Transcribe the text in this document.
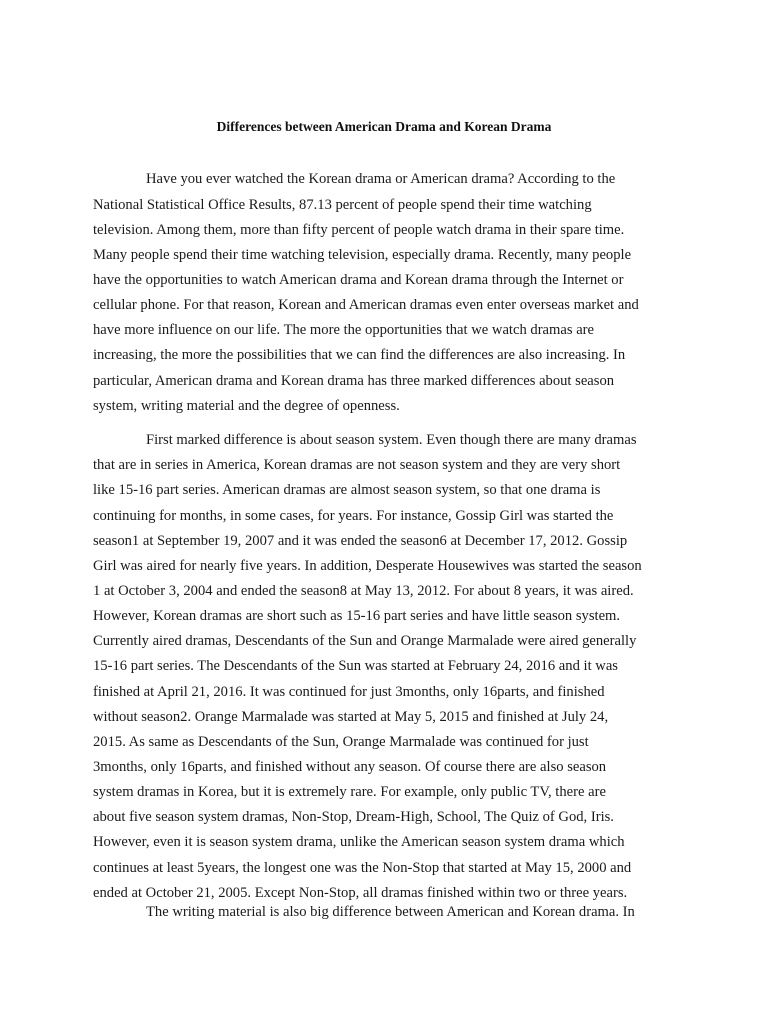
Differences between American Drama and Korean Drama

Have you ever watched the Korean drama or American drama? According to the

National Statistical Office Results, 87.13 percent of people spend their time watching

television. Among them, more than fifty percent of people watch drama in their spare time.

Many people spend their time watching television, especially drama. Recently, many people

have the opportunities to watch American drama and Korean drama through the Internet or

cellular phone. For that reason, Korean and American dramas even enter overseas market and

have more influence on our life. The more the opportunities that we watch dramas are

increasing, the more the possibilities that we can find the differences are also increasing. In

particular, American drama and Korean drama has three marked differences about season

system, writing material and the degree of openness.

First marked difference is about season system. Even though there are many dramas

that are in series in America, Korean dramas are not season system and they are very short

like 15-16 part series. American dramas are almost season system, so that one drama is

continuing for months, in some cases, for years. For instance, Gossip Girl was started the

season1 at September 19, 2007 and it was ended the season6 at December 17, 2012. Gossip

Girl was aired for nearly five years. In addition, Desperate Housewives was started the season

1 at October 3, 2004 and ended the season8 at May 13, 2012. For about 8 years, it was aired.

However, Korean dramas are short such as 15-16 part series and have little season system.

Currently aired dramas, Descendants of the Sun and Orange Marmalade were aired generally

15-16 part series. The Descendants of the Sun was started at February 24, 2016 and it was

finished at April 21, 2016. It was continued for just 3months, only 16parts, and finished

without season2. Orange Marmalade was started at May 5, 2015 and finished at July 24,

2015. As same as Descendants of the Sun, Orange Marmalade was continued for just

3months, only 16parts, and finished without any season. Of course there are also season

system dramas in Korea, but it is extremely rare. For example, only public TV, there are

about five season system dramas, Non-Stop, Dream-High, School, The Quiz of God, Iris.

However, even it is season system drama, unlike the American season system drama which

continues at least 5years, the longest one was the Non-Stop that started at May 15, 2000 and

ended at October 21, 2005. Except Non-Stop, all dramas finished within two or three years.

The writing material is also big difference between American and Korean drama. In
